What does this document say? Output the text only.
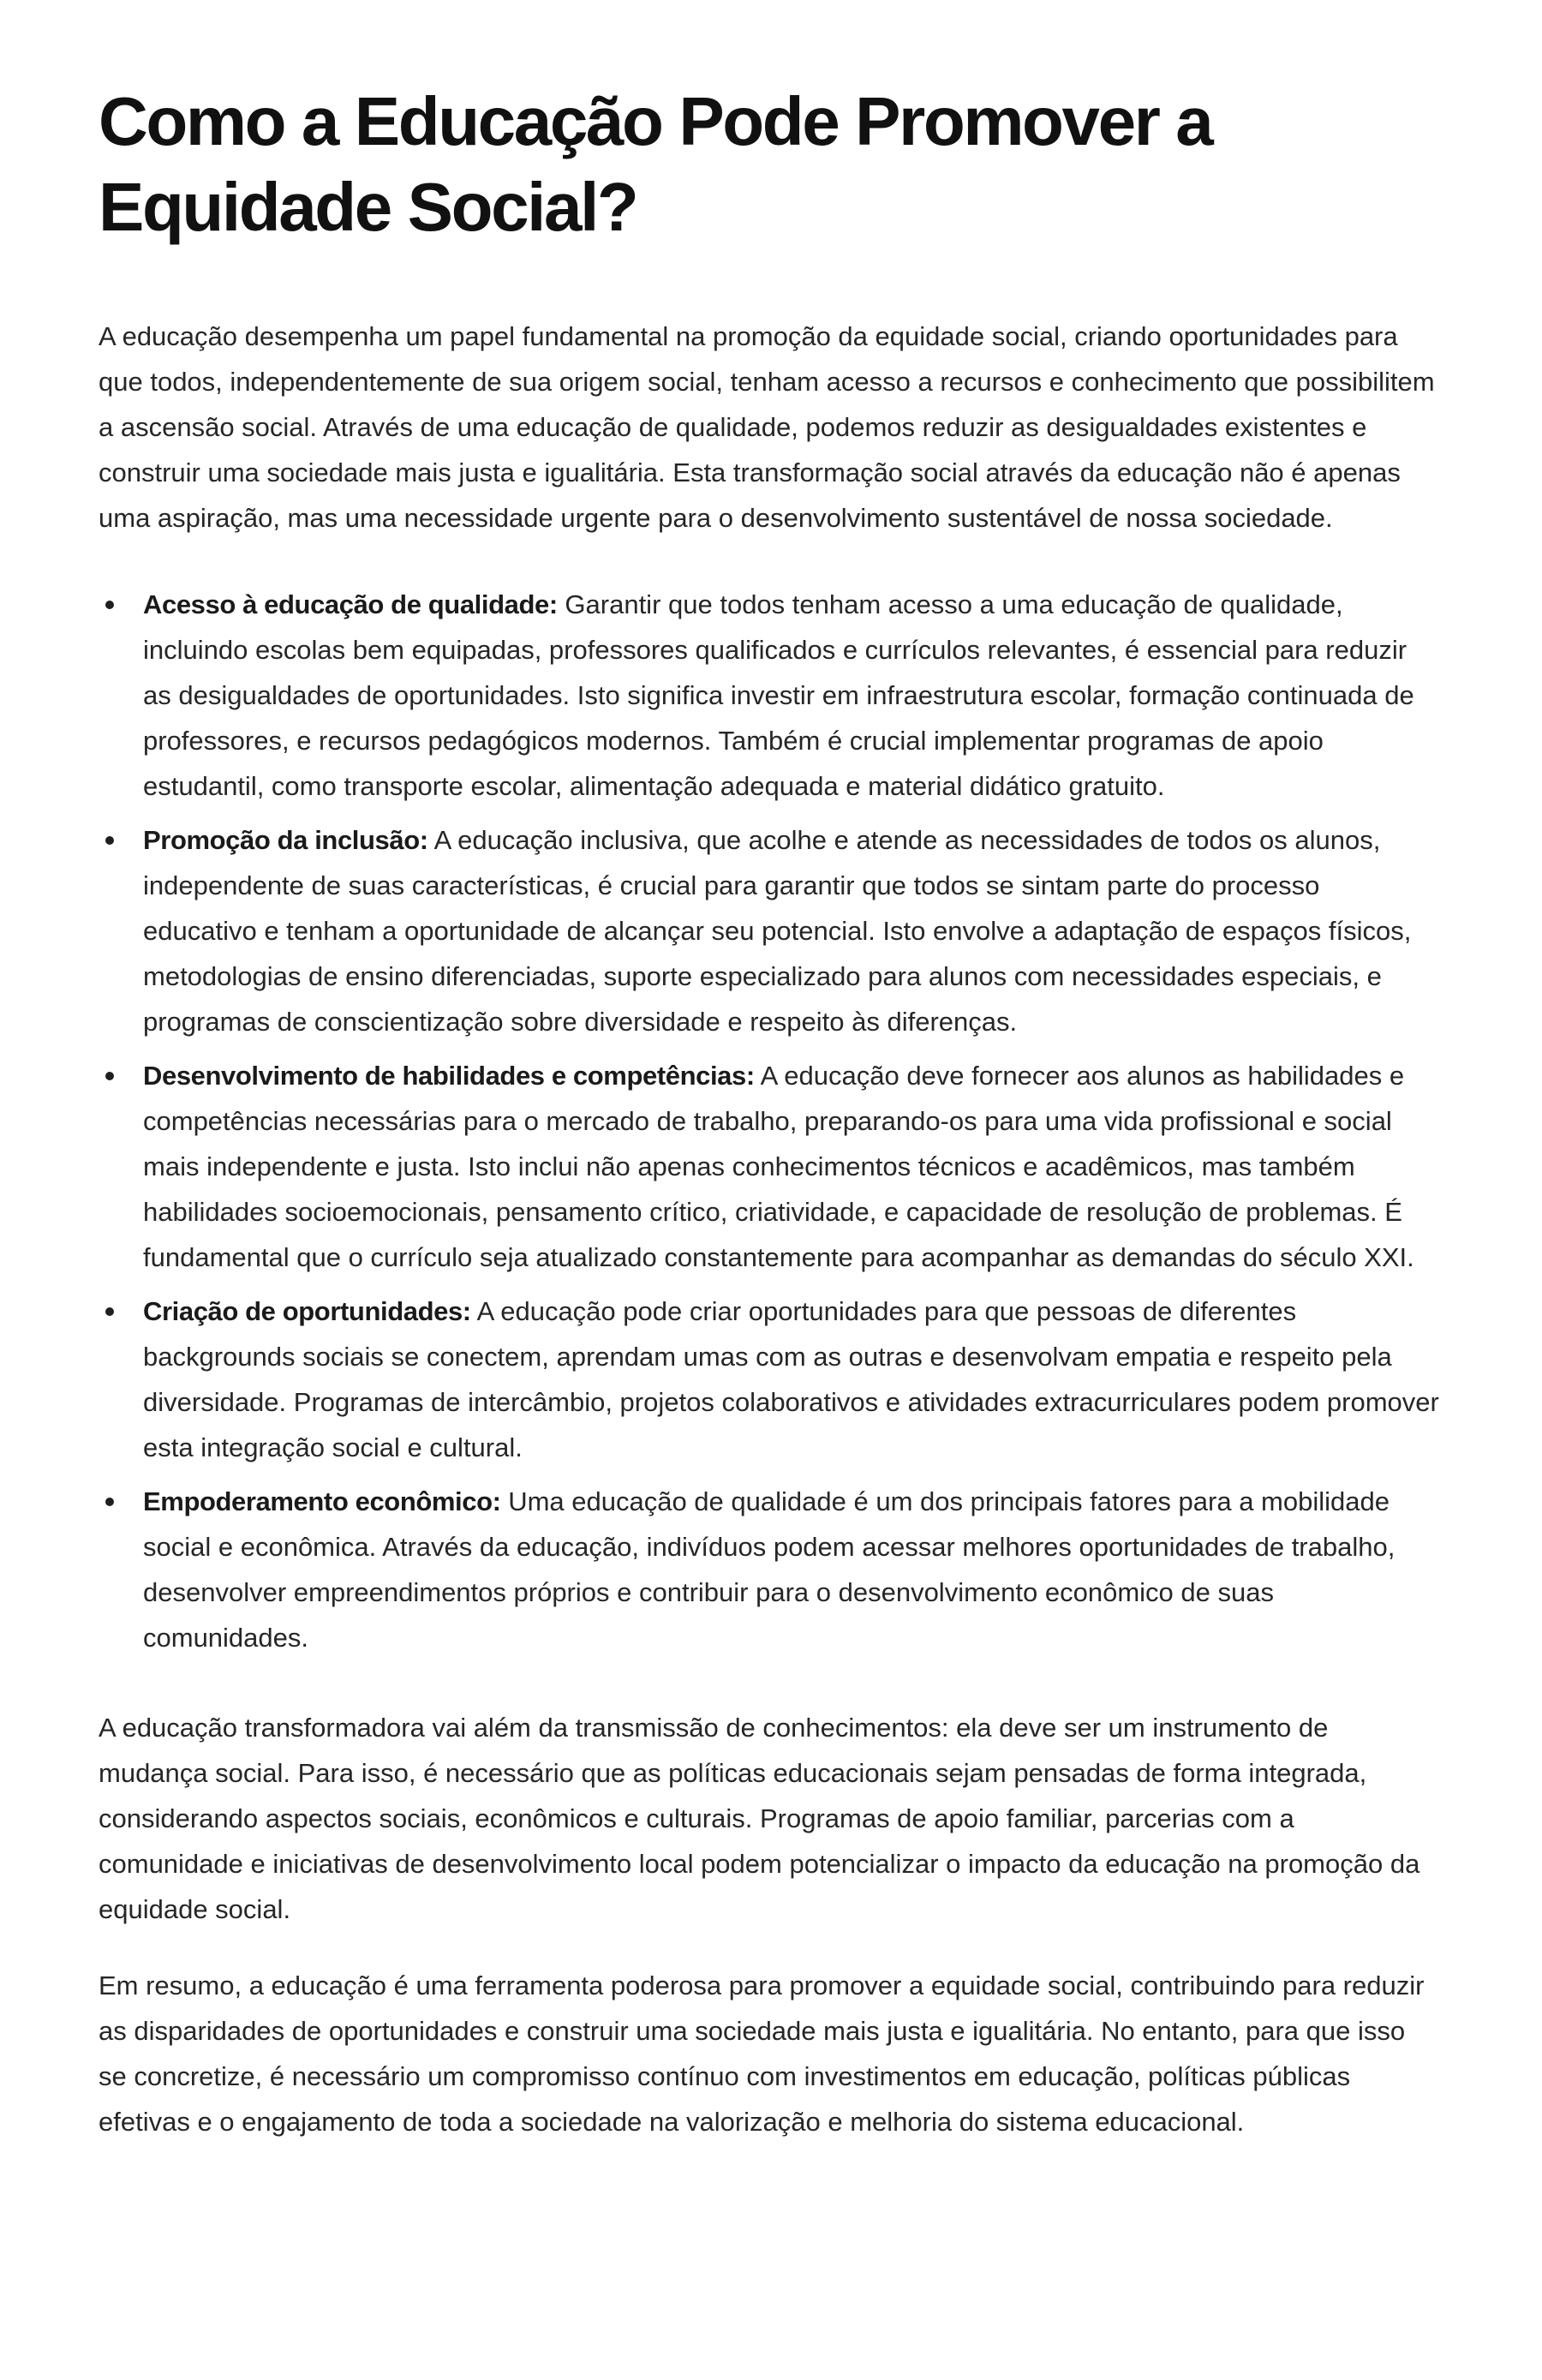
Como a Educação Pode Promover a Equidade Social?

A educação desempenha um papel fundamental na promoção da equidade social, criando oportunidades para que todos, independentemente de sua origem social, tenham acesso a recursos e conhecimento que possibilitem a ascensão social. Através de uma educação de qualidade, podemos reduzir as desigualdades existentes e construir uma sociedade mais justa e igualitária. Esta transformação social através da educação não é apenas uma aspiração, mas uma necessidade urgente para o desenvolvimento sustentável de nossa sociedade.

Acesso à educação de qualidade: Garantir que todos tenham acesso a uma educação de qualidade, incluindo escolas bem equipadas, professores qualificados e currículos relevantes, é essencial para reduzir as desigualdades de oportunidades. Isto significa investir em infraestrutura escolar, formação continuada de professores, e recursos pedagógicos modernos. Também é crucial implementar programas de apoio estudantil, como transporte escolar, alimentação adequada e material didático gratuito.
Promoção da inclusão: A educação inclusiva, que acolhe e atende as necessidades de todos os alunos, independente de suas características, é crucial para garantir que todos se sintam parte do processo educativo e tenham a oportunidade de alcançar seu potencial. Isto envolve a adaptação de espaços físicos, metodologias de ensino diferenciadas, suporte especializado para alunos com necessidades especiais, e programas de conscientização sobre diversidade e respeito às diferenças.
Desenvolvimento de habilidades e competências: A educação deve fornecer aos alunos as habilidades e competências necessárias para o mercado de trabalho, preparando-os para uma vida profissional e social mais independente e justa. Isto inclui não apenas conhecimentos técnicos e acadêmicos, mas também habilidades socioemocionais, pensamento crítico, criatividade, e capacidade de resolução de problemas. É fundamental que o currículo seja atualizado constantemente para acompanhar as demandas do século XXI.
Criação de oportunidades: A educação pode criar oportunidades para que pessoas de diferentes backgrounds sociais se conectem, aprendam umas com as outras e desenvolvam empatia e respeito pela diversidade. Programas de intercâmbio, projetos colaborativos e atividades extracurriculares podem promover esta integração social e cultural.
Empoderamento econômico: Uma educação de qualidade é um dos principais fatores para a mobilidade social e econômica. Através da educação, indivíduos podem acessar melhores oportunidades de trabalho, desenvolver empreendimentos próprios e contribuir para o desenvolvimento econômico de suas comunidades.

A educação transformadora vai além da transmissão de conhecimentos: ela deve ser um instrumento de mudança social. Para isso, é necessário que as políticas educacionais sejam pensadas de forma integrada, considerando aspectos sociais, econômicos e culturais. Programas de apoio familiar, parcerias com a comunidade e iniciativas de desenvolvimento local podem potencializar o impacto da educação na promoção da equidade social.

Em resumo, a educação é uma ferramenta poderosa para promover a equidade social, contribuindo para reduzir as disparidades de oportunidades e construir uma sociedade mais justa e igualitária. No entanto, para que isso se concretize, é necessário um compromisso contínuo com investimentos em educação, políticas públicas efetivas e o engajamento de toda a sociedade na valorização e melhoria do sistema educacional.
